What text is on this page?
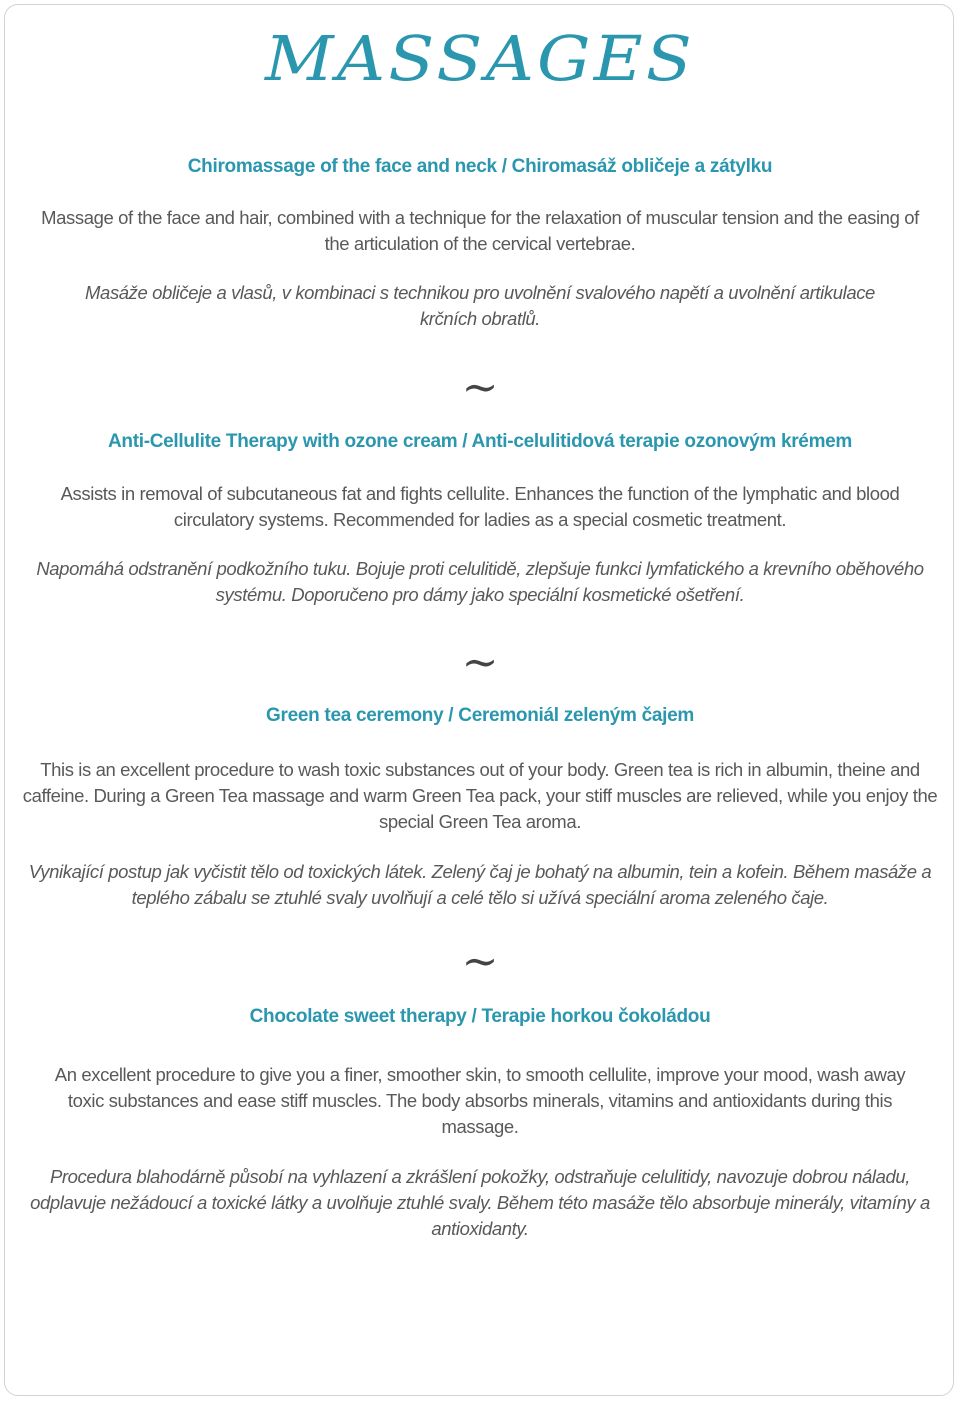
MASSAGES
Chiromassage of the face and neck / Chiromasáž obličeje a zátylku

Massage of the face and hair, combined with a technique for the relaxation of muscular tension and the easing of the articulation of the cervical vertebrae.

Masáže obličeje a vlasů, v kombinaci s technikou pro uvolnění svalového napětí a uvolnění artikulace krčních obratlů.

~
Anti-Cellulite Therapy with ozone cream / Anti-celulitidová terapie ozonovým krémem

Assists in removal of subcutaneous fat and fights cellulite. Enhances the function of the lymphatic and blood circulatory systems. Recommended for ladies as a special cosmetic treatment.

Napomáhá odstranění podkožního tuku. Bojuje proti celulitidě, zlepšuje funkci lymfatického a krevního oběhového systému. Doporučeno pro dámy jako speciální kosmetické ošetření.

~
Green tea ceremony / Ceremoniál zeleným čajem

This is an excellent procedure to wash toxic substances out of your body. Green tea is rich in albumin, theine and caffeine. During a Green Tea massage and warm Green Tea pack, your stiff muscles are relieved, while you enjoy the special Green Tea aroma.

Vynikající postup jak vyčistit tělo od toxických látek. Zelený čaj je bohatý na albumin, tein a kofein. Během masáže a teplého zábalu se ztuhlé svaly uvolňují a celé tělo si užívá speciální aroma zeleného čaje.

~
Chocolate sweet therapy / Terapie horkou čokoládou

An excellent procedure to give you a finer, smoother skin, to smooth cellulite, improve your mood, wash away toxic substances and ease stiff muscles. The body absorbs minerals, vitamins and antioxidants during this massage.

Procedura blahodárně působí na vyhlazení a zkrášlení pokožky, odstraňuje celulitidy, navozuje dobrou náladu, odplavuje nežádoucí a toxické látky a uvolňuje ztuhlé svaly. Během této masáže tělo absorbuje minerály, vitamíny a antioxidanty.
